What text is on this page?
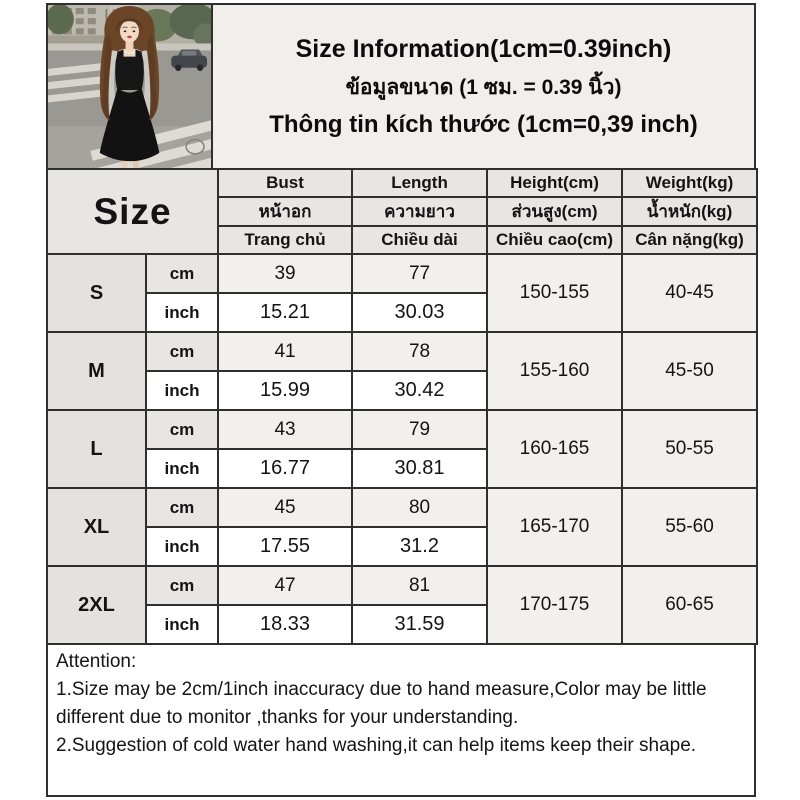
Size Information(1cm=0.39inch)
ข้อมูลขนาด (1 ซม. = 0.39 นิ้ว)
Thông tin kích thước (1cm=0,39 inch)
Size		Bust	Length	Height(cm)	Weight(kg)
		หน้าอก	ความยาว	ส่วนสูง(cm)	น้ำหนัก(kg)
		Trang chủ	Chiều dài	Chiều cao(cm)	Cân nặng(kg)
S	cm	39	77	150-155	40-45
	inch	15.21	30.03		
M	cm	41	78	155-160	45-50
	inch	15.99	30.42		
L	cm	43	79	160-165	50-55
	inch	16.77	30.81		
XL	cm	45	80	165-170	55-60
	inch	17.55	31.2		
2XL	cm	47	81	170-175	60-65
	inch	18.33	31.59		
Attention:
1.Size may be 2cm/1inch inaccuracy due to hand measure,Color may be little different due to monitor ,thanks for your understanding.
2.Suggestion of cold water hand washing,it can help items keep their shape.
